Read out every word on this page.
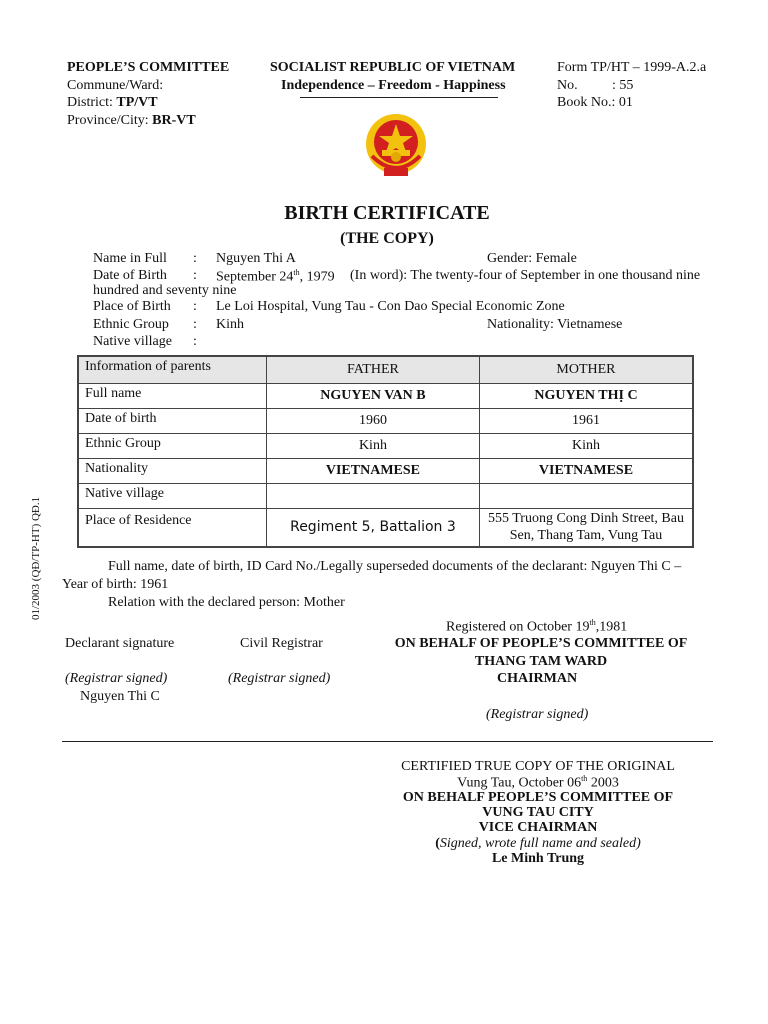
PEOPLE’S COMMITTEE
Commune/Ward:
District: TP/VT
Province/City: BR-VT
SOCIALIST REPUBLIC OF VIETNAM
Independence – Freedom - Happiness
Form TP/HT – 1999-A.2.a
No. : 55
Book No.: 01
BIRTH CERTIFICATE
(THE COPY)
Name in Full : Nguyen Thi A	Gender: Female
Date of Birth : September 24th, 1979 (In word): The twenty-four of September in one thousand nine
hundred and seventy nine
Place of Birth : Le Loi Hospital, Vung Tau - Con Dao Special Economic Zone
Ethnic Group : Kinh	Nationality: Vietnamese
Native village :
Information of parents	FATHER	MOTHER
Full name	NGUYEN VAN B	NGUYEN THỊ C
Date of birth	1960	1961
Ethnic Group	Kinh	Kinh
Nationality	VIETNAMESE	VIETNAMESE
Native village		
Place of Residence	Regiment 5, Battalion 3	555 Truong Cong Dinh Street, Bau Sen, Thang Tam, Vung Tau
01/2003 (QĐ/TP-HT) QĐ.1	Full name, date of birth, ID Card No./Legally superseded documents of the declarant: Nguyen Thi C –
Year of birth: 1961
Relation with the declared person: Mother
Registered on October 19th,1981
Declarant signature	Civil Registrar	ON BEHALF OF PEOPLE’S COMMITTEE OF
THANG TAM WARD
(Registrar signed)	(Registrar signed)	CHAIRMAN
Nguyen Thi C
(Registrar signed)
CERTIFIED TRUE COPY OF THE ORIGINAL
Vung Tau, October 06th 2003
ON BEHALF PEOPLE’S COMMITTEE OF
VUNG TAU CITY
VICE CHAIRMAN
(Signed, wrote full name and sealed)
Le Minh Trung
